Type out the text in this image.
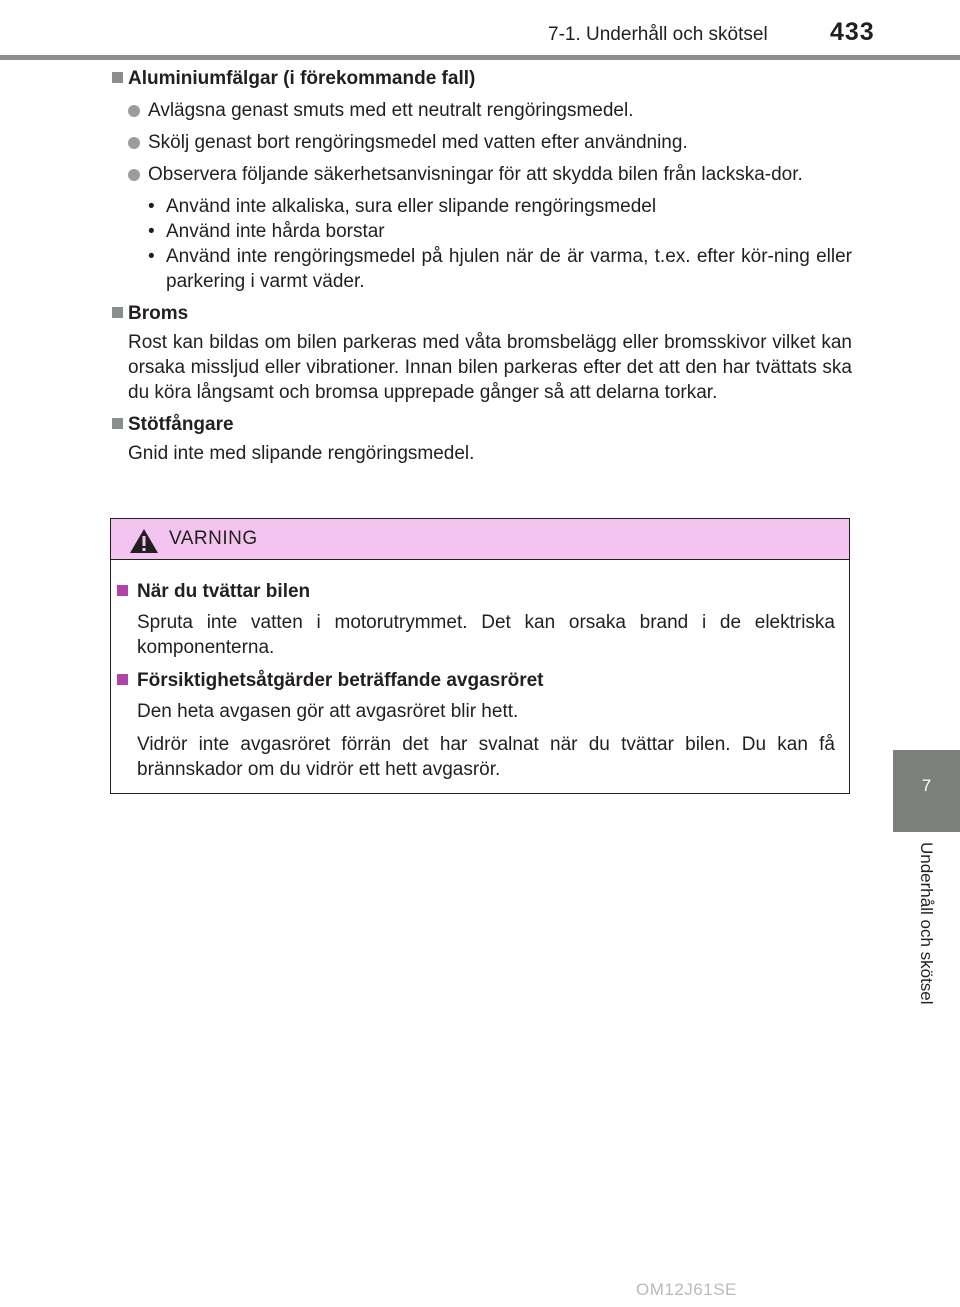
7-1. Underhåll och skötsel 433
7
Underhåll och skötsel

Aluminiumfälgar (i förekommande fall)

Avlägsna genast smuts med ett neutralt rengöringsmedel.
Skölj genast bort rengöringsmedel med vatten efter användning.
Observera följande säkerhetsanvisningar för att skydda bilen från lackska-dor.
• Använd inte alkaliska, sura eller slipande rengöringsmedel
• Använd inte hårda borstar
• Använd inte rengöringsmedel på hjulen när de är varma, t.ex. efter kör-ning eller parkering i varmt väder.

Broms

Rost kan bildas om bilen parkeras med våta bromsbelägg eller bromsskivor vilket kan orsaka missljud eller vibrationer. Innan bilen parkeras efter det att den har tvättats ska du köra långsamt och bromsa upprepade gånger så att delarna torkar.

Stötfångare

Gnid inte med slipande rengöringsmedel.
VARNING

När du tvättar bilen

Spruta inte vatten i motorutrymmet. Det kan orsaka brand i de elektriska komponenterna.

Försiktighetsåtgärder beträffande avgasröret

Den heta avgasen gör att avgasröret blir hett.
Vidrör inte avgasröret förrän det har svalnat när du tvättar bilen. Du kan få brännskador om du vidrör ett hett avgasrör.
OM12J61SE
